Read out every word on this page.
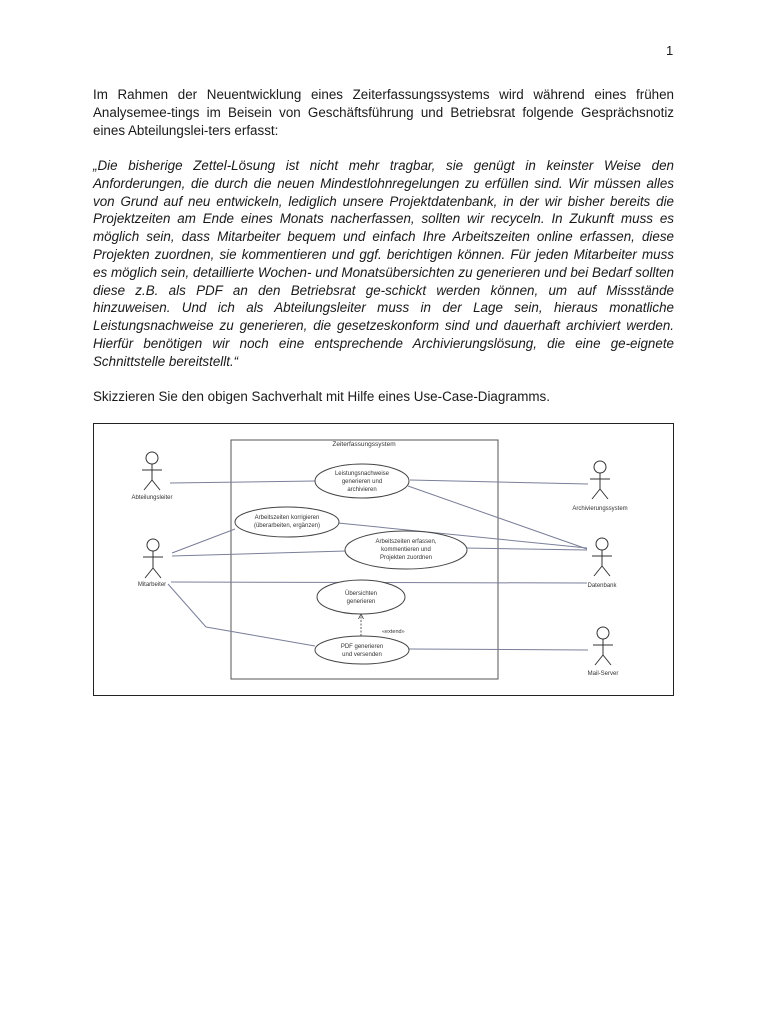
1

Im Rahmen der Neuentwicklung eines Zeiterfassungssystems wird während eines frühen Analysemee-tings im Beisein von Geschäftsführung und Betriebsrat folgende Gesprächsnotiz eines Abteilungslei-ters erfasst:

„Die bisherige Zettel-Lösung ist nicht mehr tragbar, sie genügt in keinster Weise den Anforderungen, die durch die neuen Mindestlohnregelungen zu erfüllen sind. Wir müssen alles von Grund auf neu entwickeln, lediglich unsere Projektdatenbank, in der wir bisher bereits die Projektzeiten am Ende eines Monats nacherfassen, sollten wir recyceln. In Zukunft muss es möglich sein, dass Mitarbeiter bequem und einfach Ihre Arbeitszeiten online erfassen, diese Projekten zuordnen, sie kommentieren und ggf. berichtigen können. Für jeden Mitarbeiter muss es möglich sein, detaillierte Wochen- und Monatsübersichten zu generieren und bei Bedarf sollten diese z.B. als PDF an den Betriebsrat ge-schickt werden können, um auf Missstände hinzuweisen. Und ich als Abteilungsleiter muss in der Lage sein, hieraus monatliche Leistungsnachweise zu generieren, die gesetzeskonform sind und dauerhaft archiviert werden. Hierfür benötigen wir noch eine entsprechende Archivierungslösung, die eine ge-eignete Schnittstelle bereitstellt.“

Skizzieren Sie den obigen Sachverhalt mit Hilfe eines Use-Case-Diagramms.

Zeiterfassungssystem
«extend»
Leistungsnachweise
generieren und
archivieren
Arbeitszeiten korrigieren
(überarbeiten, ergänzen)
Arbeitszeiten erfassen,
kommentieren und
Projekten zuordnen
Übersichten
generieren
PDF generieren
und versenden
Abteilungsleiter
Mitarbeiter
Archivierungssystem
Datenbank
Mail-Server
